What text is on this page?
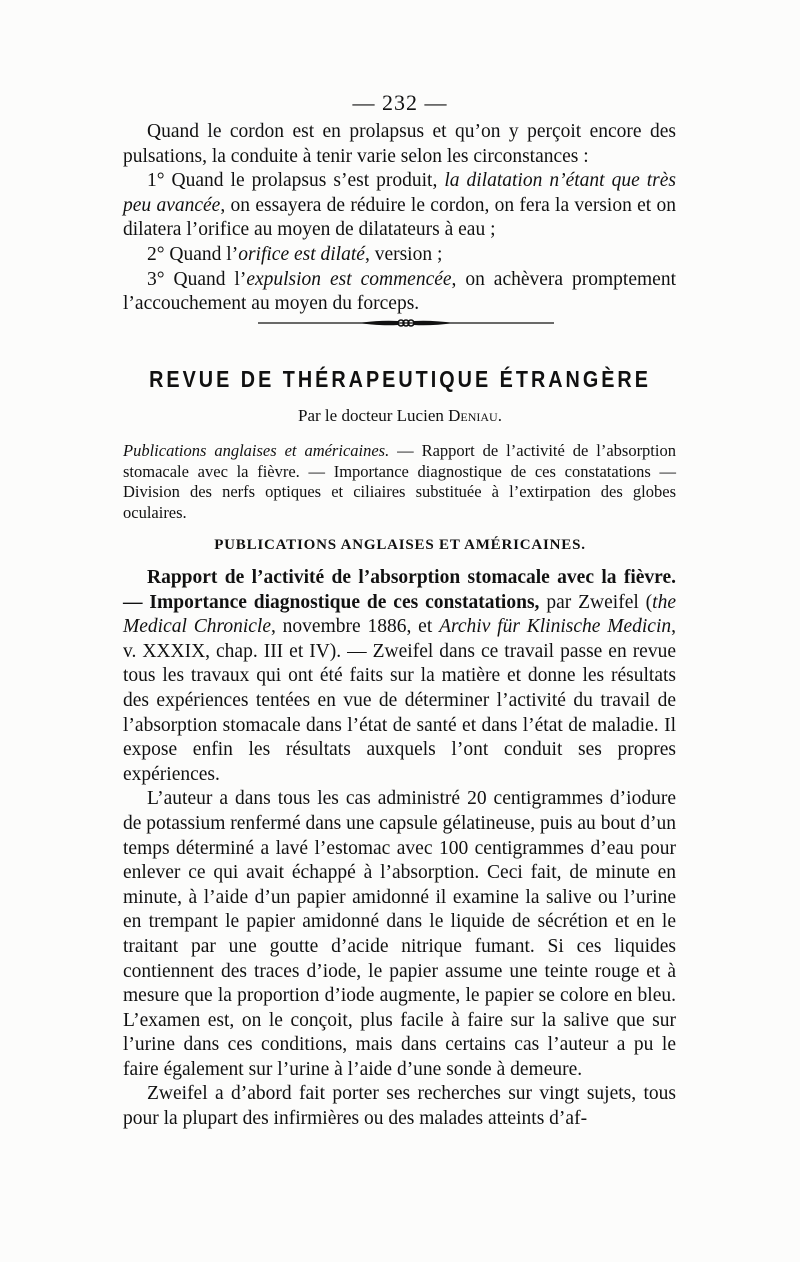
— 232 —

Quand le cordon est en prolapsus et qu’on y perçoit encore des pulsations, la conduite à tenir varie selon les circonstances :

1° Quand le prolapsus s’est produit, la dilatation n’étant que très peu avancée, on essayera de réduire le cordon, on fera la version et on dilatera l’orifice au moyen de dilatateurs à eau ;

2° Quand l’orifice est dilaté, version ;

3° Quand l’expulsion est commencée, on achèvera promptement l’accouchement au moyen du forceps.

REVUE DE THÉRAPEUTIQUE ÉTRANGÈRE
Par le docteur Lucien Deniau.

Publications anglaises et américaines. — Rapport de l’activité de l’absorption stomacale avec la fièvre. — Importance diagnostique de ces constatations — Division des nerfs optiques et ciliaires substituée à l’extirpation des globes oculaires.

PUBLICATIONS ANGLAISES ET AMÉRICAINES.

Rapport de l’activité de l’absorption stomacale avec la fièvre. — Importance diagnostique de ces constatations, par Zweifel (the Medical Chronicle, novembre 1886, et Archiv für Klinische Medicin, v. XXXIX, chap. III et IV). — Zweifel dans ce travail passe en revue tous les travaux qui ont été faits sur la matière et donne les résultats des expériences tentées en vue de déterminer l’activité du travail de l’absorption stomacale dans l’état de santé et dans l’état de maladie. Il expose enfin les résultats auxquels l’ont conduit ses propres expériences.

L’auteur a dans tous les cas administré 20 centigrammes d’iodure de potassium renfermé dans une capsule gélatineuse, puis au bout d’un temps déterminé a lavé l’estomac avec 100 centigrammes d’eau pour enlever ce qui avait échappé à l’absorption. Ceci fait, de minute en minute, à l’aide d’un papier amidonné il examine la salive ou l’urine en trempant le papier amidonné dans le liquide de sécrétion et en le traitant par une goutte d’acide nitrique fumant. Si ces liquides contiennent des traces d’iode, le papier assume une teinte rouge et à mesure que la proportion d’iode augmente, le papier se colore en bleu. L’examen est, on le conçoit, plus facile à faire sur la salive que sur l’urine dans ces conditions, mais dans certains cas l’auteur a pu le faire également sur l’urine à l’aide d’une sonde à demeure.

Zweifel a d’abord fait porter ses recherches sur vingt sujets, tous pour la plupart des infirmières ou des malades atteints d’af-
